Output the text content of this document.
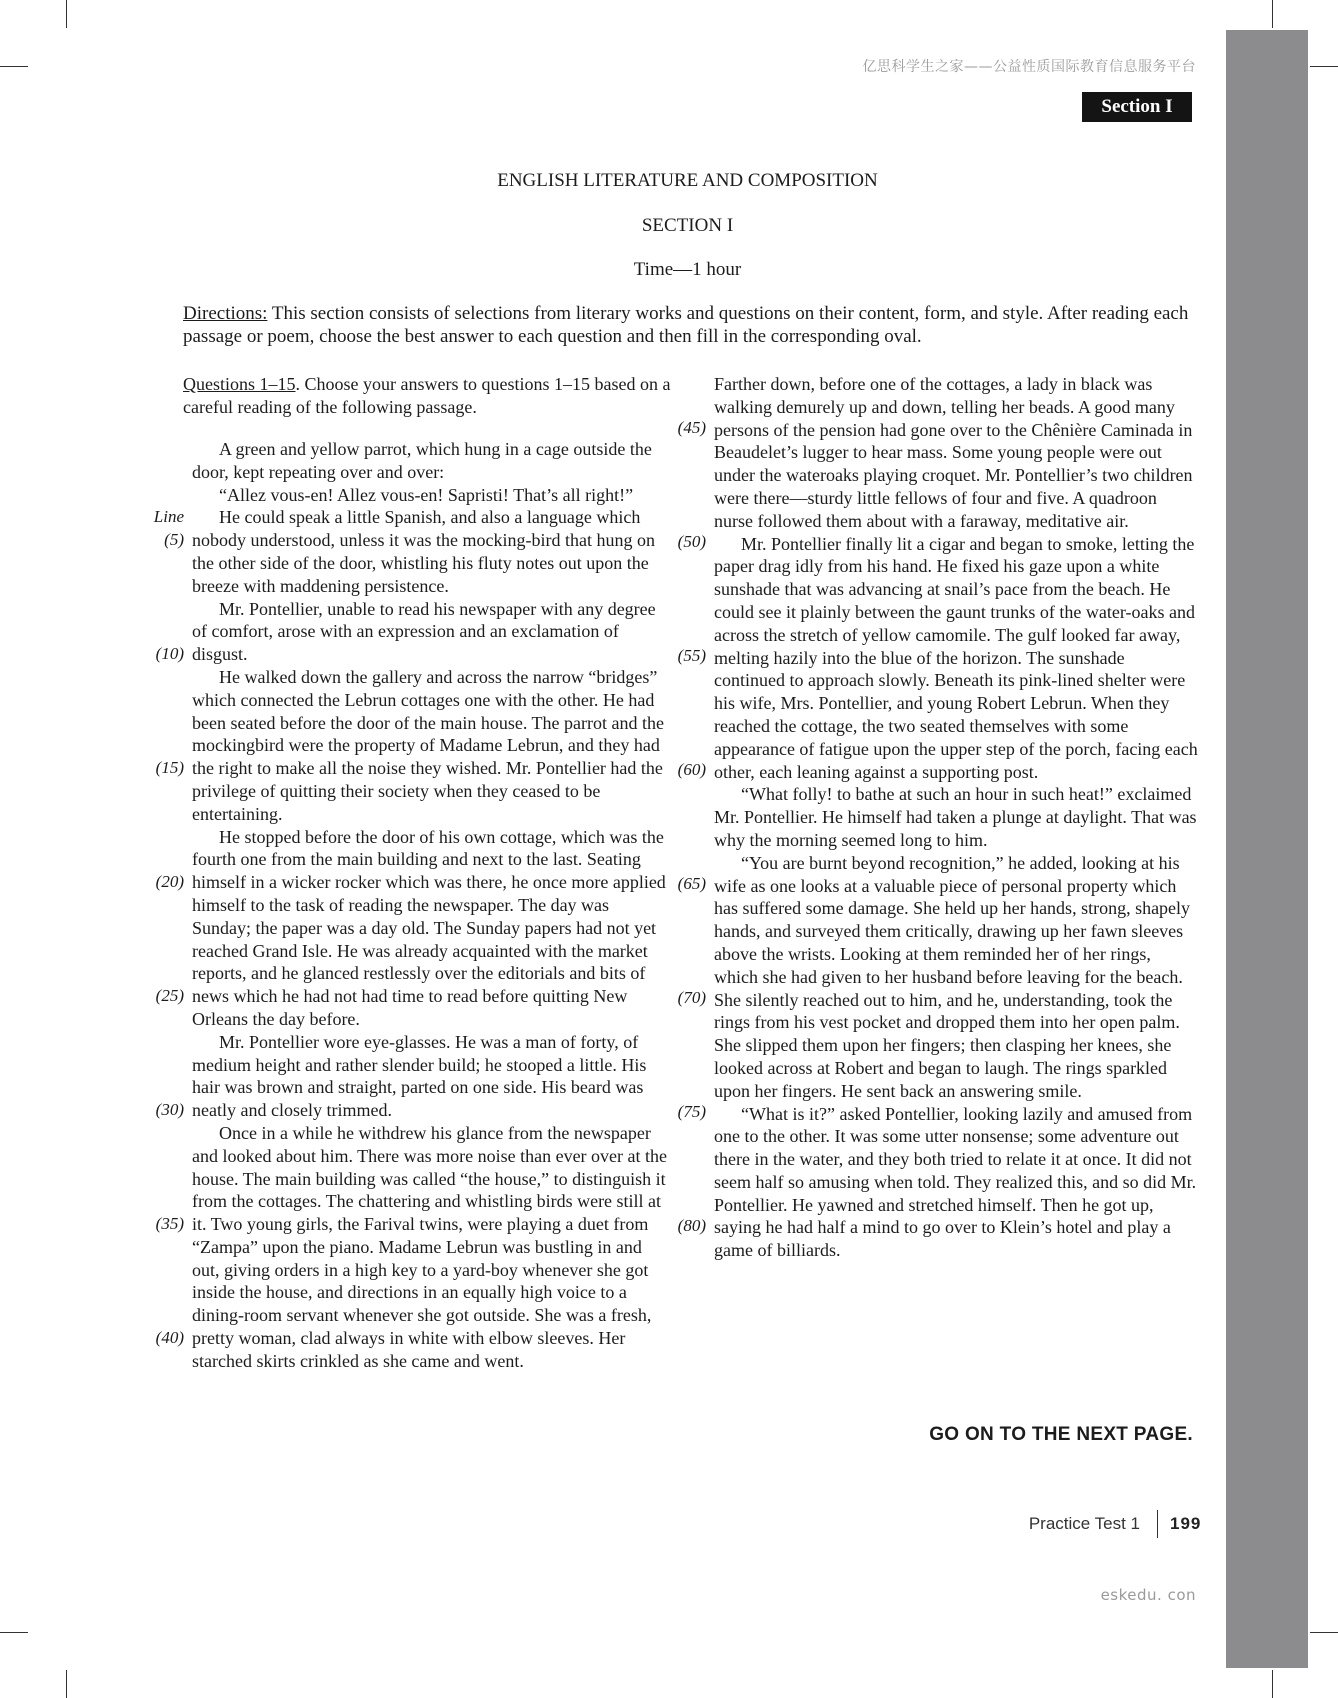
亿思科学生之家——公益性质国际教育信息服务平台
Section I
ENGLISH LITERATURE AND COMPOSITION
SECTION I
Time—1 hour
Directions: This section consists of selections from literary works and questions on their content, form, and style. After reading each passage or poem, choose the best answer to each question and then fill in the corresponding oval.
Questions 1–15. Choose your answers to questions 1–15 based on a careful reading of the following passage.

A green and yellow parrot, which hung in a cage outside the door, kept repeating over and over:

“Allez vous-en! Allez vous-en! Sapristi! That’s all right!”

He could speak a little Spanish, and also a language which nobody understood, unless it was the mocking-bird that hung on the other side of the door, whistling his fluty notes out upon the breeze with maddening persistence.

Mr. Pontellier, unable to read his newspaper with any degree of comfort, arose with an expression and an exclamation of disgust.

He walked down the gallery and across the narrow “bridges” which connected the Lebrun cottages one with the other. He had been seated before the door of the main house. The parrot and the mockingbird were the property of Madame Lebrun, and they had the right to make all the noise they wished. Mr. Pontellier had the privilege of quitting their society when they ceased to be entertaining.

He stopped before the door of his own cottage, which was the fourth one from the main building and next to the last. Seating himself in a wicker rocker which was there, he once more applied himself to the task of reading the newspaper. The day was Sunday; the paper was a day old. The Sunday papers had not yet reached Grand Isle. He was already acquainted with the market reports, and he glanced restlessly over the editorials and bits of news which he had not had time to read before quitting New Orleans the day before.

Mr. Pontellier wore eye-glasses. He was a man of forty, of medium height and rather slender build; he stooped a little. His hair was brown and straight, parted on one side. His beard was neatly and closely trimmed.

Once in a while he withdrew his glance from the newspaper and looked about him. There was more noise than ever over at the house. The main building was called “the house,” to distinguish it from the cottages. The chattering and whistling birds were still at it. Two young girls, the Farival twins, were playing a duet from “Zampa” upon the piano. Madame Lebrun was bustling in and out, giving orders in a high key to a yard-boy whenever she got inside the house, and directions in an equally high voice to a dining-room servant whenever she got outside. She was a fresh, pretty woman, clad always in white with elbow sleeves. Her starched skirts crinkled as she came and went.

Farther down, before one of the cottages, a lady in black was walking demurely up and down, telling her beads. A good many persons of the pension had gone over to the Chênière Caminada in Beaudelet’s lugger to hear mass. Some young people were out under the wateroaks playing croquet. Mr. Pontellier’s two children were there—sturdy little fellows of four and five. A quadroon nurse followed them about with a faraway, meditative air.

Mr. Pontellier finally lit a cigar and began to smoke, letting the paper drag idly from his hand. He fixed his gaze upon a white sunshade that was advancing at snail’s pace from the beach. He could see it plainly between the gaunt trunks of the water-oaks and across the stretch of yellow camomile. The gulf looked far away, melting hazily into the blue of the horizon. The sunshade continued to approach slowly. Beneath its pink-lined shelter were his wife, Mrs. Pontellier, and young Robert Lebrun. When they reached the cottage, the two seated themselves with some appearance of fatigue upon the upper step of the porch, facing each other, each leaning against a supporting post.

“What folly! to bathe at such an hour in such heat!” exclaimed Mr. Pontellier. He himself had taken a plunge at daylight. That was why the morning seemed long to him.

“You are burnt beyond recognition,” he added, looking at his wife as one looks at a valuable piece of personal property which has suffered some damage. She held up her hands, strong, shapely hands, and surveyed them critically, drawing up her fawn sleeves above the wrists. Looking at them reminded her of her rings, which she had given to her husband before leaving for the beach. She silently reached out to him, and he, understanding, took the rings from his vest pocket and dropped them into her open palm. She slipped them upon her fingers; then clasping her knees, she looked across at Robert and began to laugh. The rings sparkled upon her fingers. He sent back an answering smile.

“What is it?” asked Pontellier, looking lazily and amused from one to the other. It was some utter nonsense; some adventure out there in the water, and they both tried to relate it at once. It did not seem half so amusing when told. They realized this, and so did Mr. Pontellier. He yawned and stretched himself. Then he got up, saying he had half a mind to go over to Klein’s hotel and play a game of billiards.

Line
(5)
(10)
(15)
(20)
(25)
(30)
(35)
(40)
(45)
(50)
(55)
(60)
(65)
(70)
(75)
(80)
GO ON TO THE NEXT PAGE.
Practice Test 1 199
eskedu. con
